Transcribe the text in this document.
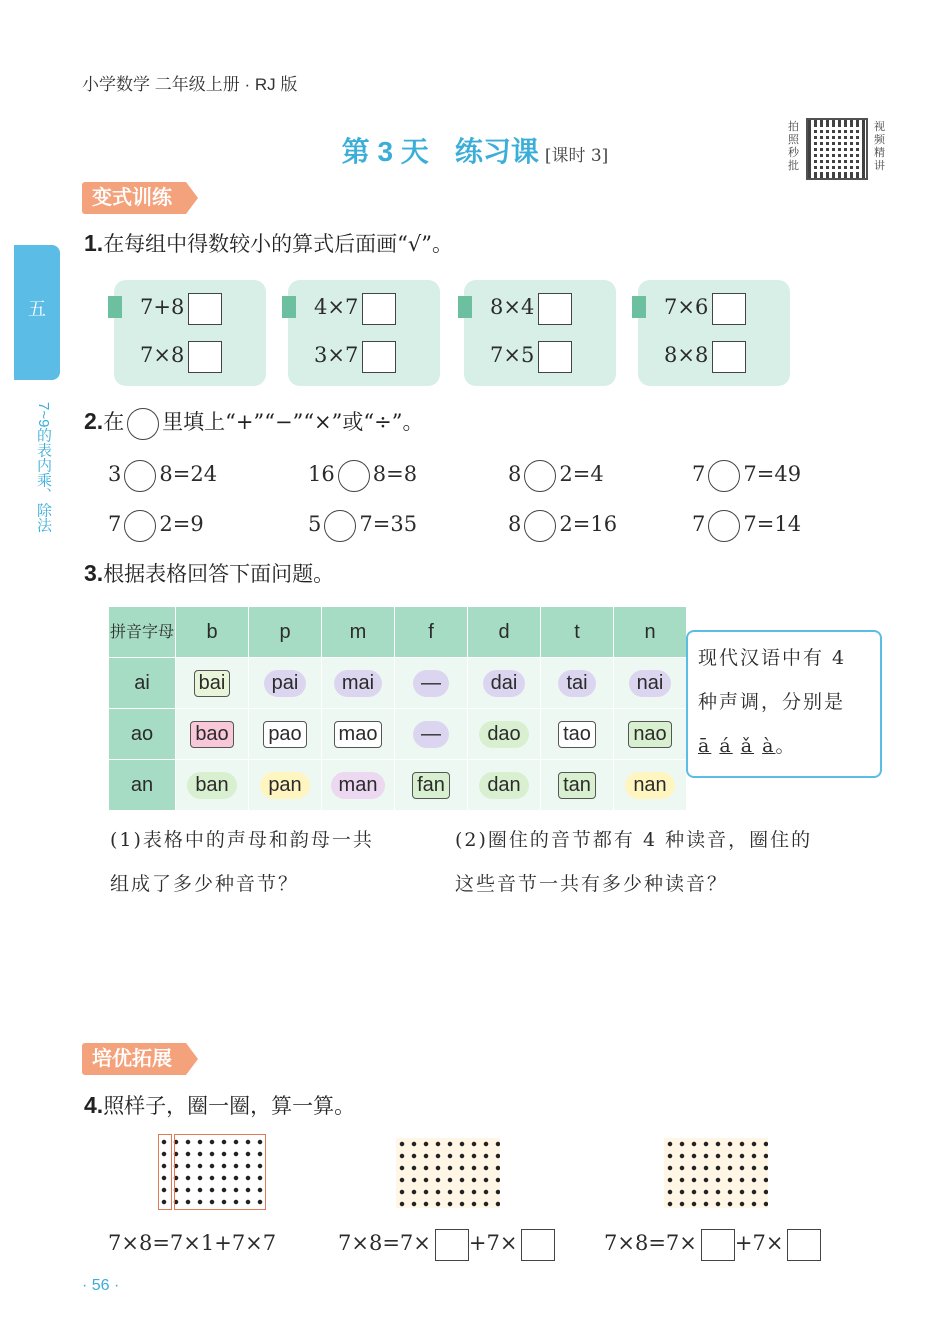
小学数学 二年级上册 · RJ 版
第 3 天 练习课 [课时 3]
拍照秒批
视频精讲
五
7~9的表内乘、除法
变式训练
1.在每组中得数较小的算式后面画“√”。
7+8
7×8
4×7
3×7
8×4
7×5
7×6
8×8
2.在 里填上“+”“−”“×”或“÷”。
3 8=24	16 8=8	8 2=4	7 7=49
7 2=9	5 7=35	8 2=16	7 7=14
3.根据表格回答下面问题。
拼音字母	b	p	m	f	d	t	n
ai	bai	pai	mai	—	dai	tai	nai
ao	bao	pao	mao	—	dao	tao	nao
an	ban	pan	man	fan	dan	tan	nan
现代汉语中有 4
种声调，分别是
ā á ǎ à。
(1)表格中的声母和韵母一共
组成了多少种音节？
(2)圈住的音节都有 4 种读音，圈住的
这些音节一共有多少种读音？
培优拓展
4.照样子，圈一圈，算一算。
7×8=7×1+7×7	7×8=7× +7×	7×8=7× +7×
· 56 ·
